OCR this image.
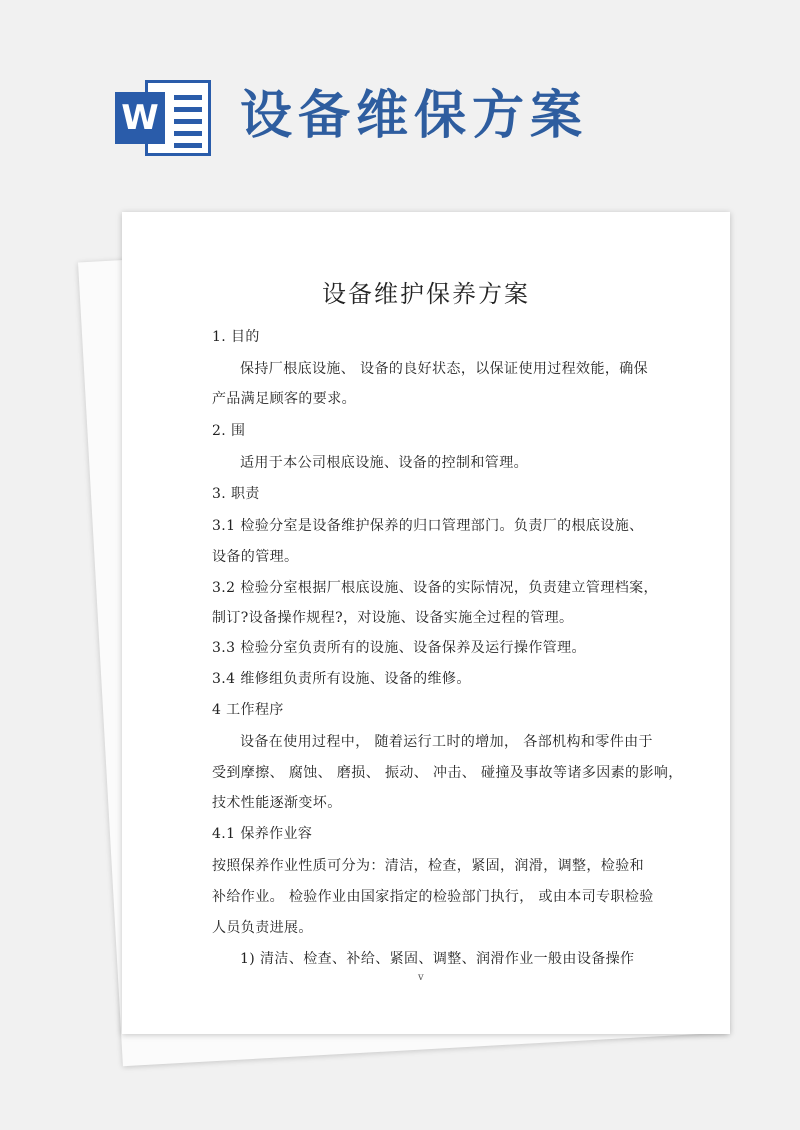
W 设备维保方案
设备维护保养方案

1. 目的

保持厂根底设施、 设备的良好状态，以保证使用过程效能，确保

产品满足顾客的要求。

2. 围

适用于本公司根底设施、设备的控制和管理。

3. 职责

3.1 检验分室是设备维护保养的归口管理部门。负责厂的根底设施、

设备的管理。

3.2 检验分室根据厂根底设施、设备的实际情况，负责建立管理档案，

制订?设备操作规程?，对设施、设备实施全过程的管理。

3.3 检验分室负责所有的设施、设备保养及运行操作管理。

3.4 维修组负责所有设施、设备的维修。

4 工作程序

设备在使用过程中， 随着运行工时的增加， 各部机构和零件由于

受到摩擦、 腐蚀、 磨损、 振动、 冲击、 碰撞及事故等诸多因素的影响，

技术性能逐渐变坏。

4.1 保养作业容

按照保养作业性质可分为：清洁，检查，紧固，润滑，调整，检验和

补给作业。 检验作业由国家指定的检验部门执行， 或由本司专职检验

人员负责进展。

1) 清洁、检查、补给、紧固、调整、润滑作业一般由设备操作

v
